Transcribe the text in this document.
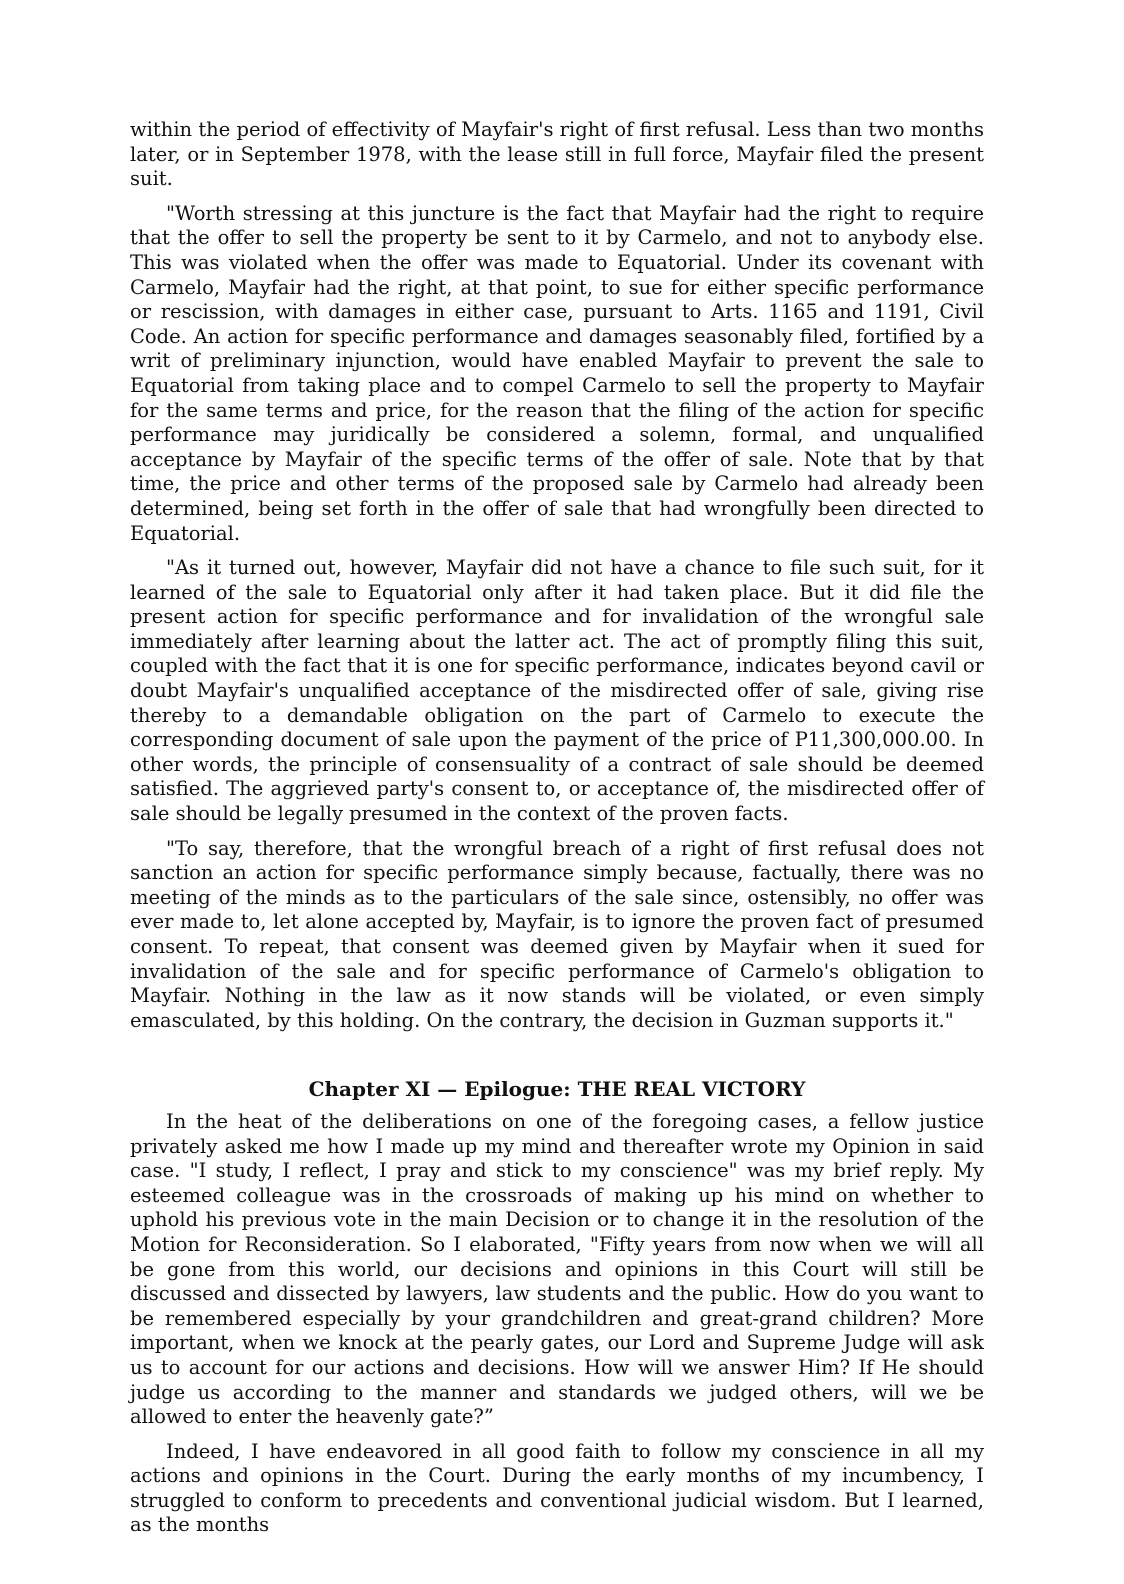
within the period of effectivity of Mayfair's right of first refusal. Less than two months later, or in September 1978, with the lease still in full force, Mayfair filed the present suit.

"Worth stressing at this juncture is the fact that Mayfair had the right to require that the offer to sell the property be sent to it by Carmelo, and not to anybody else. This was violated when the offer was made to Equatorial. Under its covenant with Carmelo, Mayfair had the right, at that point, to sue for either specific performance or rescission, with damages in either case, pursuant to Arts. 1165 and 1191, Civil Code. An action for specific performance and damages seasonably filed, fortified by a writ of preliminary injunction, would have enabled Mayfair to prevent the sale to Equatorial from taking place and to compel Carmelo to sell the property to Mayfair for the same terms and price, for the reason that the filing of the action for specific performance may juridically be considered a solemn, formal, and unqualified acceptance by Mayfair of the specific terms of the offer of sale. Note that by that time, the price and other terms of the proposed sale by Carmelo had already been determined, being set forth in the offer of sale that had wrongfully been directed to Equatorial.

"As it turned out, however, Mayfair did not have a chance to file such suit, for it learned of the sale to Equatorial only after it had taken place. But it did file the present action for specific performance and for invalidation of the wrongful sale immediately after learning about the latter act. The act of promptly filing this suit, coupled with the fact that it is one for specific performance, indicates beyond cavil or doubt Mayfair's unqualified acceptance of the misdirected offer of sale, giving rise thereby to a demandable obligation on the part of Carmelo to execute the corresponding document of sale upon the payment of the price of P11,300,000.00. In other words, the principle of consensuality of a contract of sale should be deemed satisfied. The aggrieved party's consent to, or acceptance of, the misdirected offer of sale should be legally presumed in the context of the proven facts.

"To say, therefore, that the wrongful breach of a right of first refusal does not sanction an action for specific performance simply because, factually, there was no meeting of the minds as to the particulars of the sale since, ostensibly, no offer was ever made to, let alone accepted by, Mayfair, is to ignore the proven fact of presumed consent. To repeat, that consent was deemed given by Mayfair when it sued for invalidation of the sale and for specific performance of Carmelo's obligation to Mayfair. Nothing in the law as it now stands will be violated, or even simply emasculated, by this holding. On the contrary, the decision in Guzman supports it."

Chapter XI — Epilogue: THE REAL VICTORY

In the heat of the deliberations on one of the foregoing cases, a fellow justice privately asked me how I made up my mind and thereafter wrote my Opinion in said case. "I study, I reflect, I pray and stick to my conscience" was my brief reply. My esteemed colleague was in the crossroads of making up his mind on whether to uphold his previous vote in the main Decision or to change it in the resolution of the Motion for Reconsideration. So I elaborated, "Fifty years from now when we will all be gone from this world, our decisions and opinions in this Court will still be discussed and dissected by lawyers, law students and the public. How do you want to be remembered especially by your grandchildren and great-grand children? More important, when we knock at the pearly gates, our Lord and Supreme Judge will ask us to account for our actions and decisions. How will we answer Him? If He should judge us according to the manner and standards we judged others, will we be allowed to enter the heavenly gate?”

Indeed, I have endeavored in all good faith to follow my conscience in all my actions and opinions in the Court. During the early months of my incumbency, I struggled to conform to precedents and conventional judicial wisdom. But I learned, as the months
